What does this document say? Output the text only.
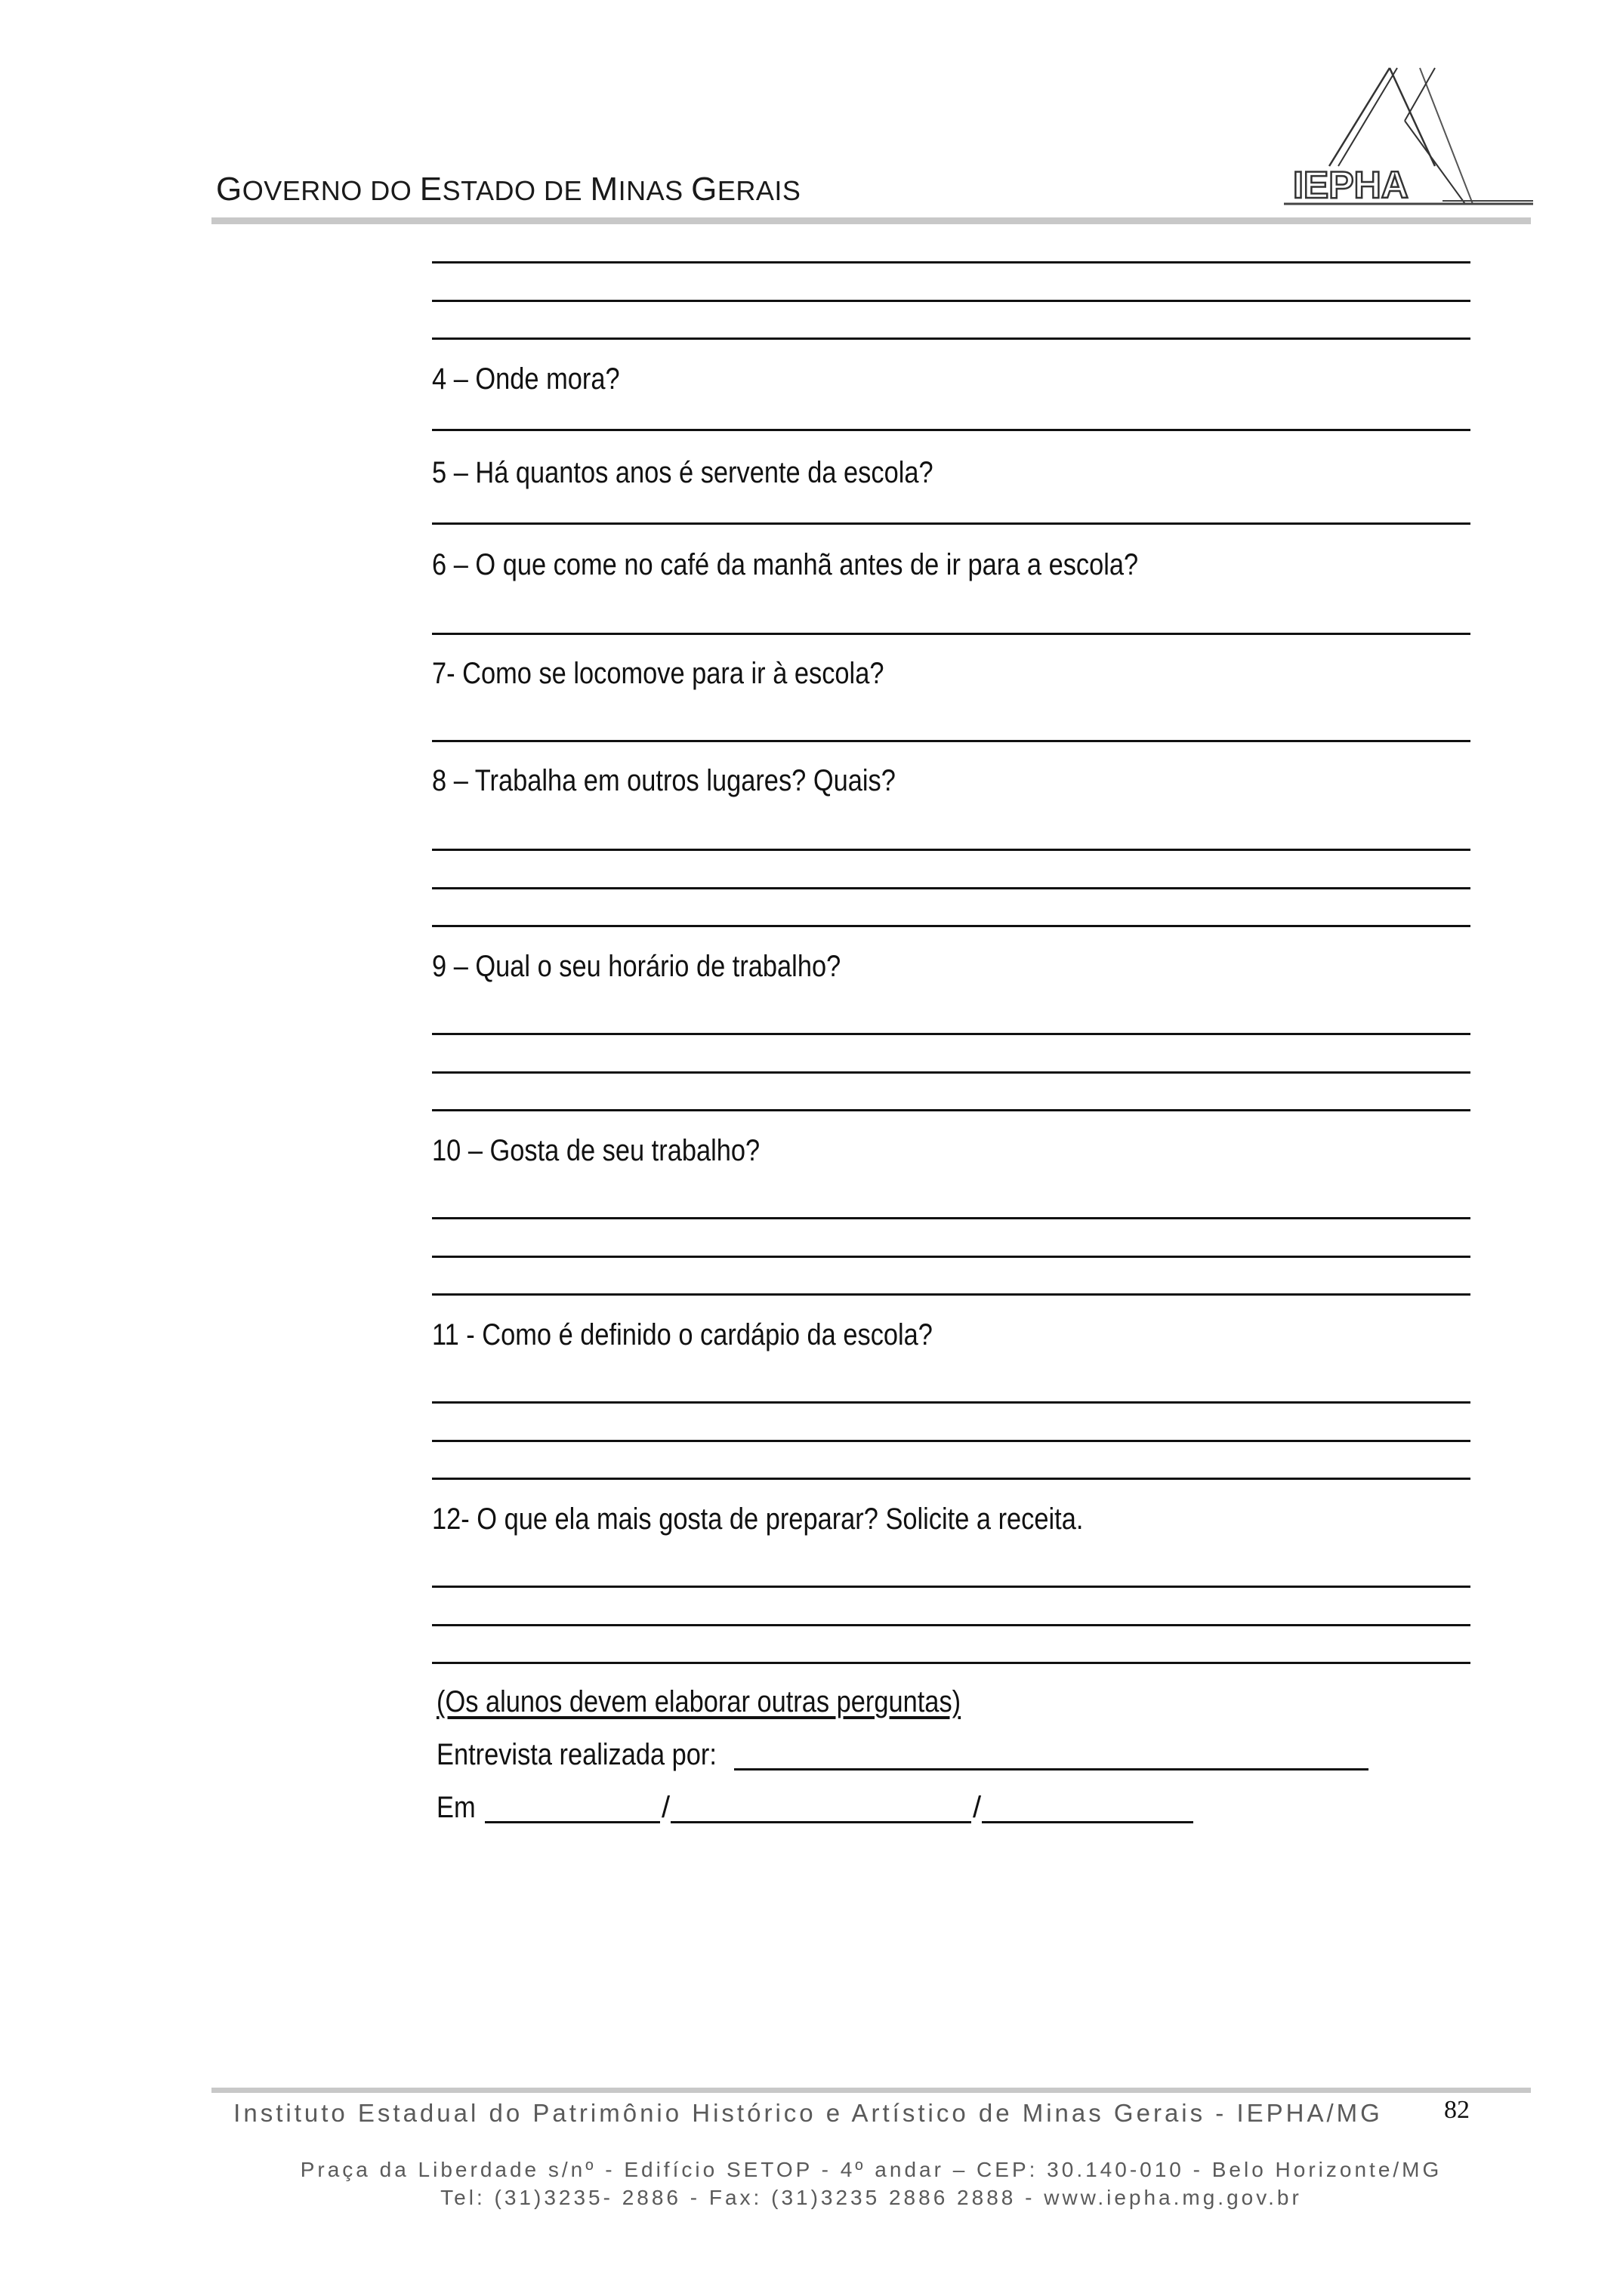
GOVERNO DO ESTADO DE MINAS GERAIS	IEPHA
4 – Onde mora?
5 – Há quantos anos é servente da escola?
6 – O que come no café da manhã antes de ir para a escola?
7- Como se locomove para ir à escola?
8 – Trabalha em outros lugares? Quais?
9 – Qual o seu horário de trabalho?
10 – Gosta de seu trabalho?
11 - Como é definido o cardápio da escola?
12- O que ela mais gosta de preparar? Solicite a receita.
(Os alunos devem elaborar outras perguntas)
Entrevista realizada por:
Em	/	/
Instituto Estadual do Patrimônio Histórico e Artístico de Minas Gerais - IEPHA/MG	82
Praça da Liberdade s/nº - Edifício SETOP - 4º andar – CEP: 30.140-010 - Belo Horizonte/MG
Tel: (31)3235- 2886 - Fax: (31)3235 2886 2888 - www.iepha.mg.gov.br
